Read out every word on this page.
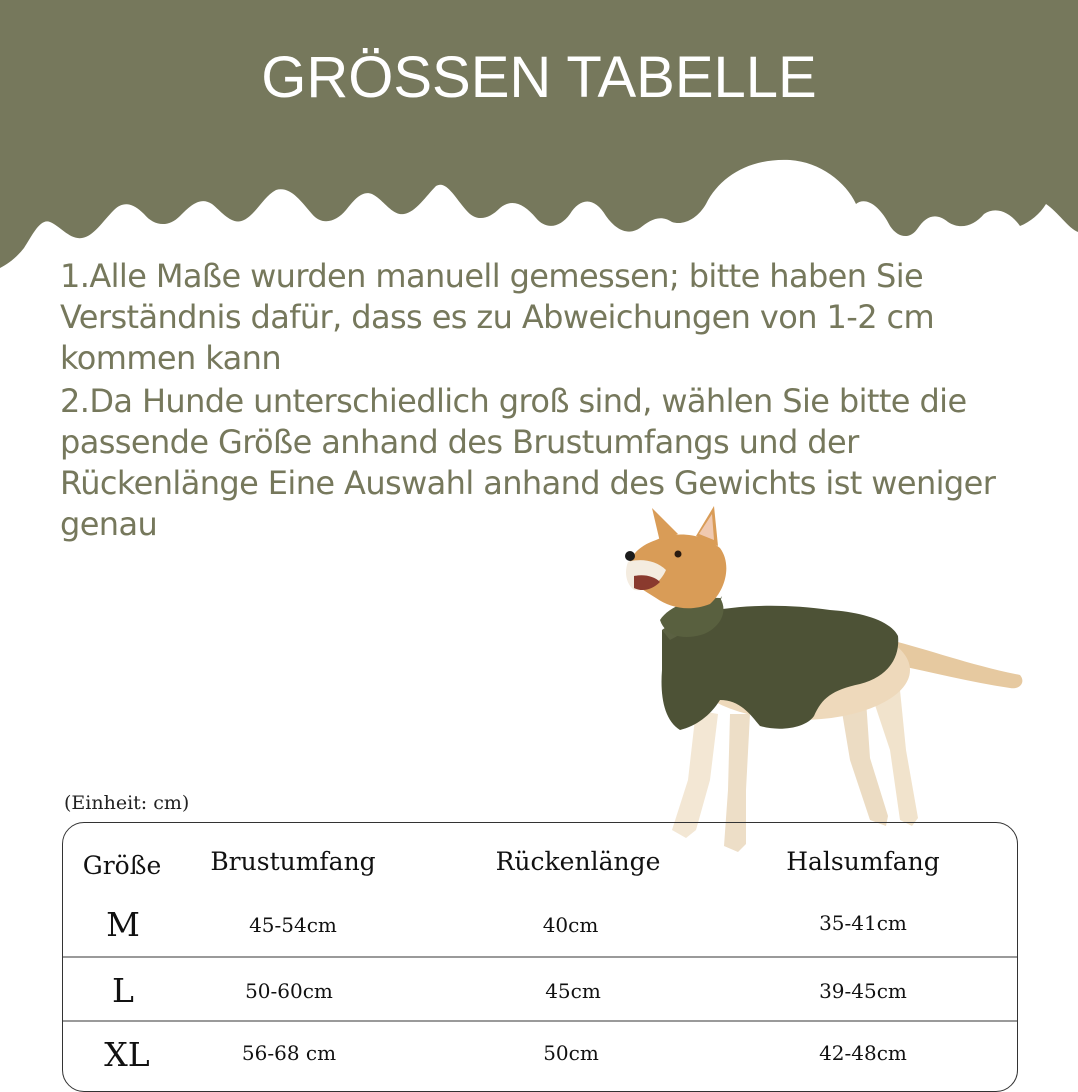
GRÖSSEN TABELLE

1.Alle Maße wurden manuell gemessen; bitte haben Sie Verständnis dafür, dass es zu Abweichungen von 1-2 cm kommen kann

2.Da Hunde unterschiedlich groß sind, wählen Sie bitte die passende Größe anhand des Brustumfangs und der Rückenlänge Eine Auswahl anhand des Gewichts ist weniger genau

(Einheit: cm)
Größe	Brustumfang	Rückenlänge	Halsumfang
M	45-54cm	40cm	35-41cm
L	50-60cm	45cm	39-45cm
XL	56-68 cm	50cm	42-48cm
